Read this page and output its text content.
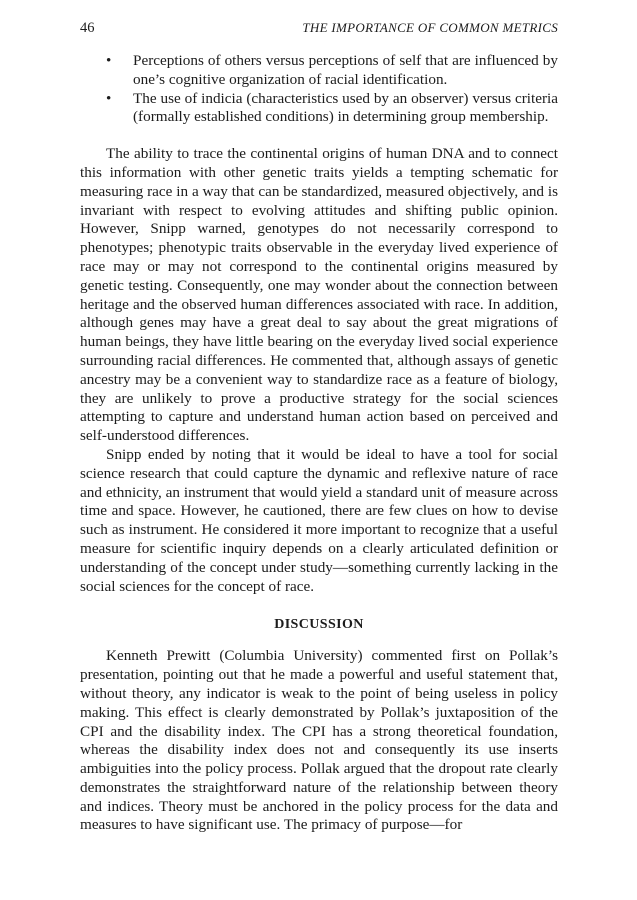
46	THE IMPORTANCE OF COMMON METRICS
• Perceptions of others versus perceptions of self that are influenced by one’s cognitive organization of racial identification.
• The use of indicia (characteristics used by an observer) versus criteria (formally established conditions) in determining group membership.

The ability to trace the continental origins of human DNA and to connect this information with other genetic traits yields a tempting schematic for measuring race in a way that can be standardized, measured objectively, and is invariant with respect to evolving attitudes and shifting public opinion. However, Snipp warned, genotypes do not necessarily correspond to phenotypes; phenotypic traits observable in the everyday lived experience of race may or may not correspond to the continental origins measured by genetic testing. Consequently, one may wonder about the connection between heritage and the observed human differences associated with race. In addition, although genes may have a great deal to say about the great migrations of human beings, they have little bearing on the everyday lived social experience surrounding racial differences. He commented that, although assays of genetic ancestry may be a convenient way to standardize race as a feature of biology, they are unlikely to prove a productive strategy for the social sciences attempting to capture and understand human action based on perceived and self-understood differences.

Snipp ended by noting that it would be ideal to have a tool for social science research that could capture the dynamic and reflexive nature of race and ethnicity, an instrument that would yield a standard unit of measure across time and space. However, he cautioned, there are few clues on how to devise such as instrument. He considered it more important to recognize that a useful measure for scientific inquiry depends on a clearly articulated definition or understanding of the concept under study—something currently lacking in the social sciences for the concept of race.

DISCUSSION

Kenneth Prewitt (Columbia University) commented first on Pollak’s presentation, pointing out that he made a powerful and useful statement that, without theory, any indicator is weak to the point of being useless in policy making. This effect is clearly demonstrated by Pollak’s juxtaposition of the CPI and the disability index. The CPI has a strong theoretical foundation, whereas the disability index does not and consequently its use inserts ambiguities into the policy process. Pollak argued that the dropout rate clearly demonstrates the straightforward nature of the relationship between theory and indices. Theory must be anchored in the policy process for the data and measures to have significant use. The primacy of purpose—for
